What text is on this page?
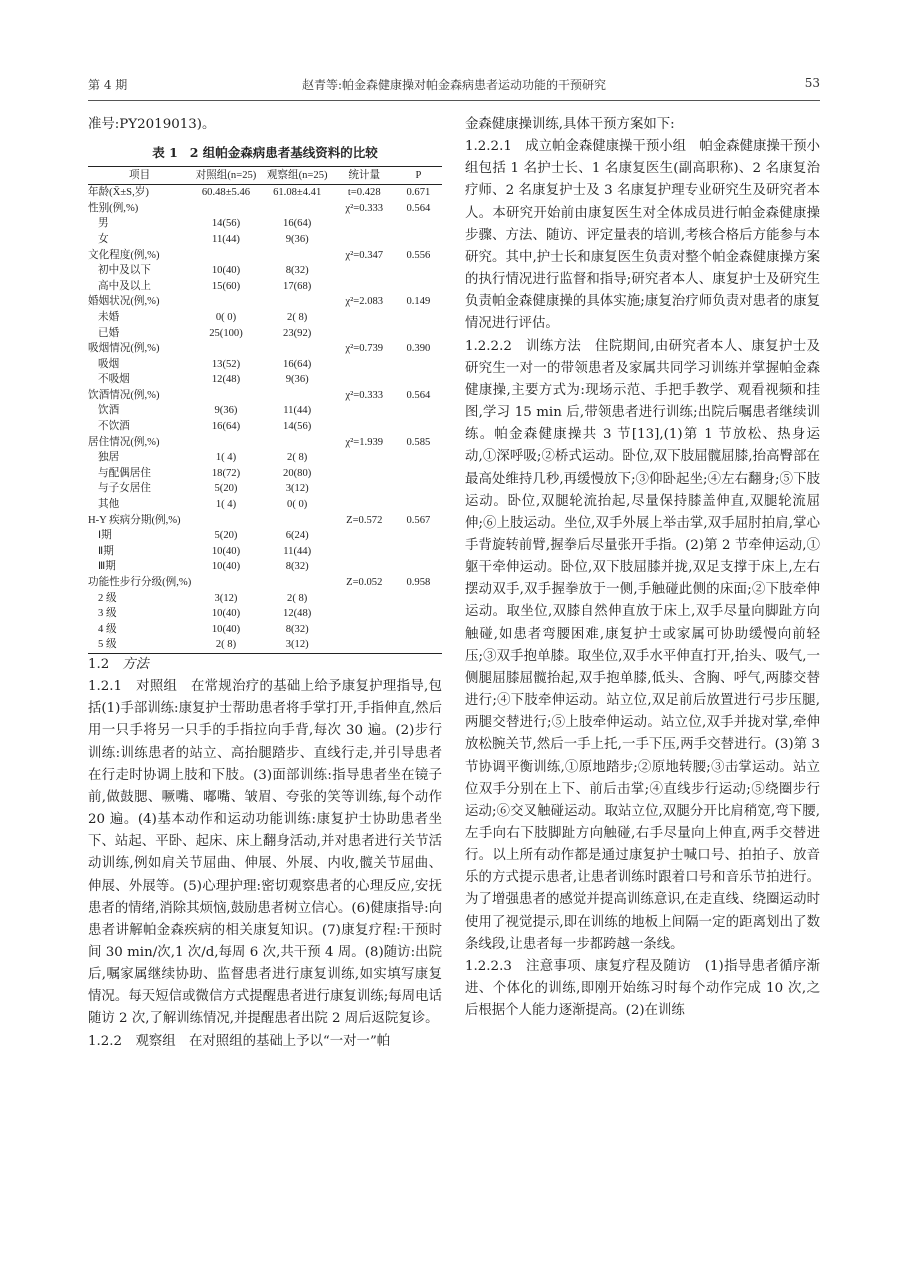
第 4 期	赵青等:帕金森健康操对帕金森病患者运动功能的干预研究	53

准号:PY2019013)。

表 1 2 组帕金森病患者基线资料的比较
项目	对照组(n=25)	观察组(n=25)	统计量	P
年龄(X̄±S,岁)	60.48±5.46	61.08±4.41	t=0.428	0.671
性别(例,%)			χ²=0.333	0.564
男	14(56)	16(64)		
女	11(44)	9(36)		
文化程度(例,%)			χ²=0.347	0.556
初中及以下	10(40)	8(32)		
高中及以上	15(60)	17(68)		
婚姻状况(例,%)			χ²=2.083	0.149
未婚	0( 0)	2( 8)		
已婚	25(100)	23(92)		
吸烟情况(例,%)			χ²=0.739	0.390
吸烟	13(52)	16(64)		
不吸烟	12(48)	9(36)		
饮酒情况(例,%)			χ²=0.333	0.564
饮酒	9(36)	11(44)		
不饮酒	16(64)	14(56)		
居住情况(例,%)			χ²=1.939	0.585
独居	1( 4)	2( 8)		
与配偶居住	18(72)	20(80)		
与子女居住	5(20)	3(12)		
其他	1( 4)	0( 0)		
H-Y 疾病分期(例,%)			Z=0.572	0.567
Ⅰ期	5(20)	6(24)		
Ⅱ期	10(40)	11(44)		
Ⅲ期	10(40)	8(32)		
功能性步行分级(例,%)			Z=0.052	0.958
2 级	3(12)	2( 8)		
3 级	10(40)	12(48)		
4 级	10(40)	8(32)		
5 级	2( 8)	3(12)		

1.2 方法

1.2.1　对照组　在常规治疗的基础上给予康复护理指导,包括(1)手部训练:康复护士帮助患者将手掌打开,手指伸直,然后用一只手将另一只手的手指拉向手背,每次 30 遍。(2)步行训练:训练患者的站立、高抬腿踏步、直线行走,并引导患者在行走时协调上肢和下肢。(3)面部训练:指导患者坐在镜子前,做鼓腮、噘嘴、嘟嘴、皱眉、夸张的笑等训练,每个动作 20 遍。(4)基本动作和运动功能训练:康复护士协助患者坐下、站起、平卧、起床、床上翻身活动,并对患者进行关节活动训练,例如肩关节屈曲、伸展、外展、内收,髋关节屈曲、伸展、外展等。(5)心理护理:密切观察患者的心理反应,安抚患者的情绪,消除其烦恼,鼓励患者树立信心。(6)健康指导:向患者讲解帕金森疾病的相关康复知识。(7)康复疗程:干预时间 30 min/次,1 次/d,每周 6 次,共干预 4 周。(8)随访:出院后,嘱家属继续协助、监督患者进行康复训练,如实填写康复情况。每天短信或微信方式提醒患者进行康复训练;每周电话随访 2 次,了解训练情况,并提醒患者出院 2 周后返院复诊。

1.2.2　观察组　在对照组的基础上予以“一对一”帕

金森健康操训练,具体干预方案如下:

1.2.2.1　成立帕金森健康操干预小组　帕金森健康操干预小组包括 1 名护士长、1 名康复医生(副高职称)、2 名康复治疗师、2 名康复护士及 3 名康复护理专业研究生及研究者本人。本研究开始前由康复医生对全体成员进行帕金森健康操步骤、方法、随访、评定量表的培训,考核合格后方能参与本研究。其中,护士长和康复医生负责对整个帕金森健康操方案的执行情况进行监督和指导;研究者本人、康复护士及研究生负责帕金森健康操的具体实施;康复治疗师负责对患者的康复情况进行评估。

1.2.2.2　训练方法　住院期间,由研究者本人、康复护士及研究生一对一的带领患者及家属共同学习训练并掌握帕金森健康操,主要方式为:现场示范、手把手教学、观看视频和挂图,学习 15 min 后,带领患者进行训练;出院后嘱患者继续训练。帕金森健康操共 3 节[13],(1)第 1 节放松、热身运动,①深呼吸;②桥式运动。卧位,双下肢屈髋屈膝,抬高臀部在最高处维持几秒,再缓慢放下;③仰卧起坐;④左右翻身;⑤下肢运动。卧位,双腿轮流抬起,尽量保持膝盖伸直,双腿轮流屈伸;⑥上肢运动。坐位,双手外展上举击掌,双手屈肘拍肩,掌心手背旋转前臂,握拳后尽量张开手指。(2)第 2 节牵伸运动,①躯干牵伸运动。卧位,双下肢屈膝并拢,双足支撑于床上,左右摆动双手,双手握拳放于一侧,手触碰此侧的床面;②下肢牵伸运动。取坐位,双膝自然伸直放于床上,双手尽量向脚趾方向触碰,如患者弯腰困难,康复护士或家属可协助缓慢向前轻压;③双手抱单膝。取坐位,双手水平伸直打开,抬头、吸气,一侧腿屈膝屈髋抬起,双手抱单膝,低头、含胸、呼气,两膝交替进行;④下肢牵伸运动。站立位,双足前后放置进行弓步压腿,两腿交替进行;⑤上肢牵伸运动。站立位,双手并拢对掌,牵伸放松腕关节,然后一手上托,一手下压,两手交替进行。(3)第 3 节协调平衡训练,①原地踏步;②原地转腰;③击掌运动。站立位双手分别在上下、前后击掌;④直线步行运动;⑤绕圈步行运动;⑥交叉触碰运动。取站立位,双腿分开比肩稍宽,弯下腰,左手向右下肢脚趾方向触碰,右手尽量向上伸直,两手交替进行。以上所有动作都是通过康复护士喊口号、拍拍子、放音乐的方式提示患者,让患者训练时跟着口号和音乐节拍进行。为了增强患者的感觉并提高训练意识,在走直线、绕圈运动时使用了视觉提示,即在训练的地板上间隔一定的距离划出了数条线段,让患者每一步都跨越一条线。

1.2.2.3　注意事项、康复疗程及随访　(1)指导患者循序渐进、个体化的训练,即刚开始练习时每个动作完成 10 次,之后根据个人能力逐渐提高。(2)在训练
